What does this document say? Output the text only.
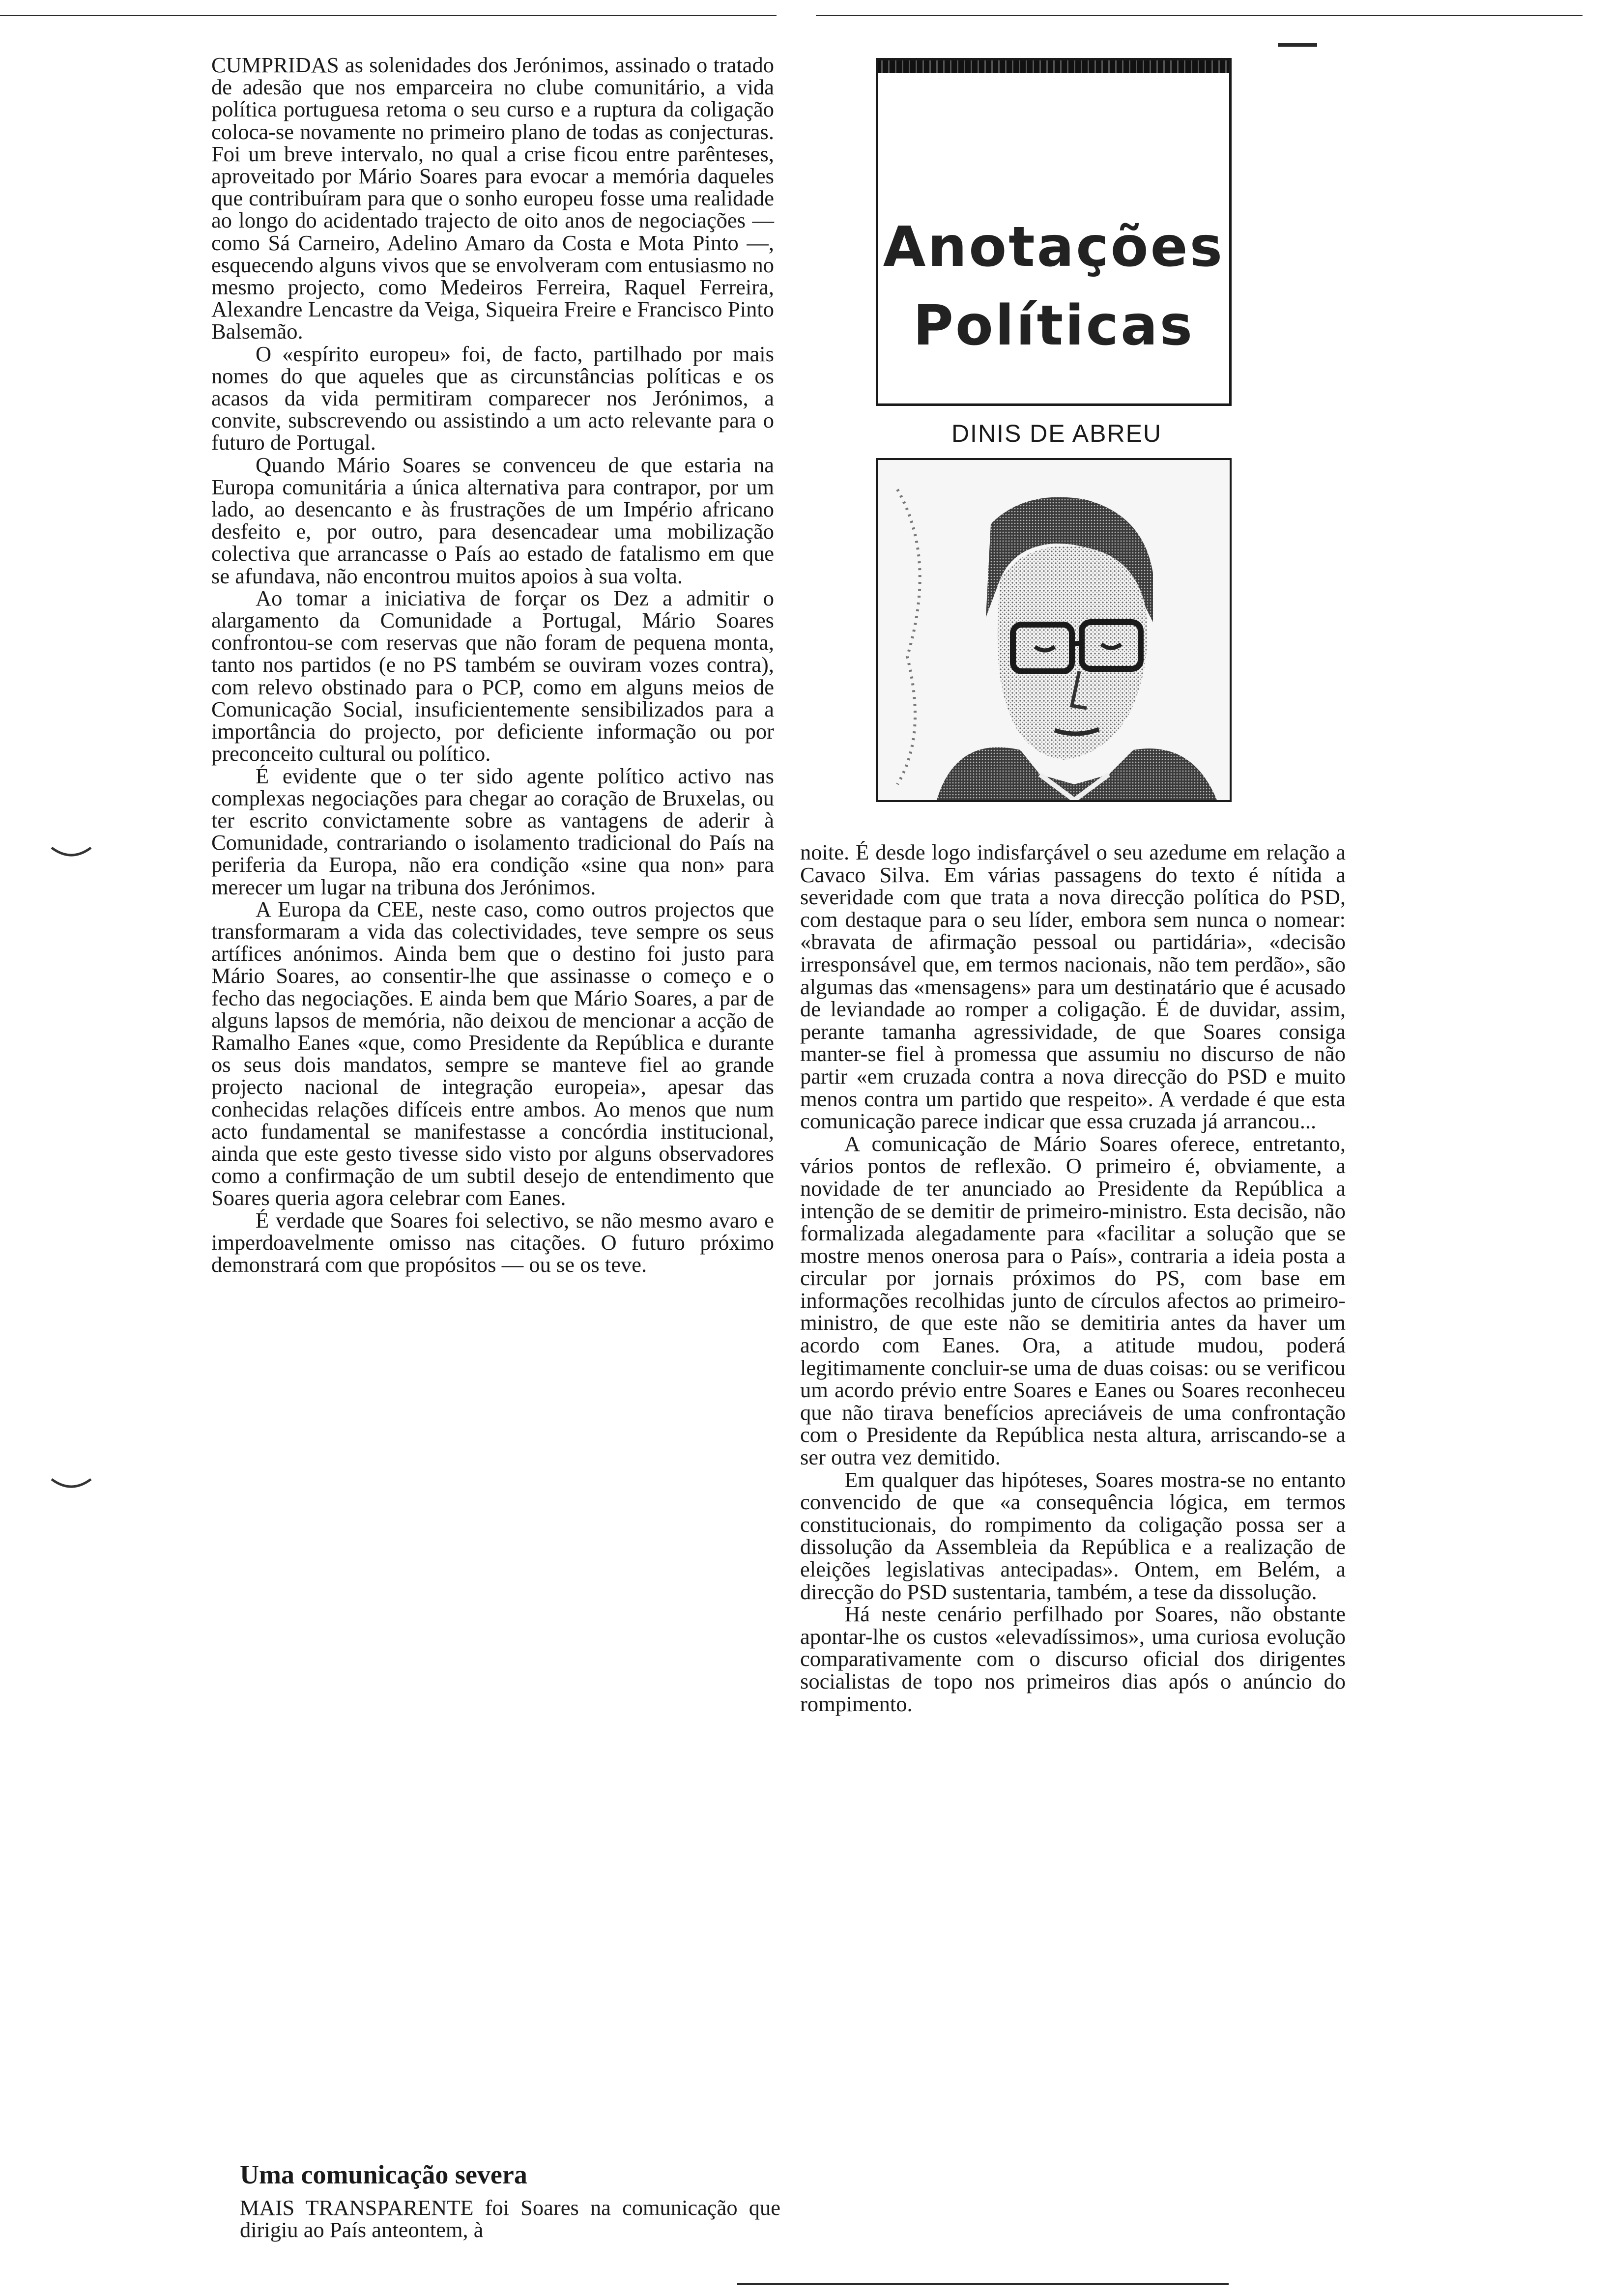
CUMPRIDAS as solenidades dos Jerónimos, assinado o tratado de adesão que nos emparceira no clube comunitário, a vida política portuguesa retoma o seu curso e a ruptura da coligação coloca-se novamente no primeiro plano de todas as conjecturas. Foi um breve intervalo, no qual a crise ficou entre parênteses, aproveitado por Mário Soares para evocar a memória daqueles que contribuíram para que o sonho europeu fosse uma realidade ao longo do acidentado trajecto de oito anos de negociações — como Sá Carneiro, Adelino Amaro da Costa e Mota Pinto —, esquecendo alguns vivos que se envolveram com entusiasmo no mesmo projecto, como Medeiros Ferreira, Raquel Ferreira, Alexandre Lencastre da Veiga, Siqueira Freire e Francisco Pinto Balsemão.

O «espírito europeu» foi, de facto, partilhado por mais nomes do que aqueles que as circunstâncias políticas e os acasos da vida permitiram comparecer nos Jerónimos, a convite, subscrevendo ou assistindo a um acto relevante para o futuro de Portugal.

Quando Mário Soares se convenceu de que estaria na Europa comunitária a única alternativa para contrapor, por um lado, ao desencanto e às frustrações de um Império africano desfeito e, por outro, para desencadear uma mobilização colectiva que arrancasse o País ao estado de fatalismo em que se afundava, não encontrou muitos apoios à sua volta.

Ao tomar a iniciativa de forçar os Dez a admitir o alargamento da Comunidade a Portugal, Mário Soares confrontou-se com reservas que não foram de pequena monta, tanto nos partidos (e no PS também se ouviram vozes contra), com relevo obstinado para o PCP, como em alguns meios de Comunicação Social, insuficientemente sensibilizados para a importância do projecto, por deficiente informação ou por preconceito cultural ou político.

É evidente que o ter sido agente político activo nas complexas negociações para chegar ao coração de Bruxelas, ou ter escrito convictamente sobre as vantagens de aderir à Comunidade, contrariando o isolamento tradicional do País na periferia da Europa, não era condição «sine qua non» para merecer um lugar na tribuna dos Jerónimos.

A Europa da CEE, neste caso, como outros projectos que transformaram a vida das colectividades, teve sempre os seus artífices anónimos. Ainda bem que o destino foi justo para Mário Soares, ao consentir-lhe que assinasse o começo e o fecho das negociações. E ainda bem que Mário Soares, a par de alguns lapsos de memória, não deixou de mencionar a acção de Ramalho Eanes «que, como Presidente da República e durante os seus dois mandatos, sempre se manteve fiel ao grande projecto nacional de integração europeia», apesar das conhecidas relações difíceis entre ambos. Ao menos que num acto fundamental se manifestasse a concórdia institucional, ainda que este gesto tivesse sido visto por alguns observadores como a confirmação de um subtil desejo de entendimento que Soares queria agora celebrar com Eanes.

É verdade que Soares foi selectivo, se não mesmo avaro e imperdoavelmente omisso nas citações. O futuro próximo demonstrará com que propósitos — ou se os teve.

Uma comunicação severa
MAIS TRANSPARENTE foi Soares na comunicação que dirigiu ao País anteontem, à
Anotações Políticas
DINIS DE ABREU

noite. É desde logo indisfarçável o seu azedume em relação a Cavaco Silva. Em várias passagens do texto é nítida a severidade com que trata a nova direcção política do PSD, com destaque para o seu líder, embora sem nunca o nomear: «bravata de afirmação pessoal ou partidária», «decisão irresponsável que, em termos nacionais, não tem perdão», são algumas das «mensagens» para um destinatário que é acusado de leviandade ao romper a coligação. É de duvidar, assim, perante tamanha agressividade, de que Soares consiga manter-se fiel à promessa que assumiu no discurso de não partir «em cruzada contra a nova direcção do PSD e muito menos contra um partido que respeito». A verdade é que esta comunicação parece indicar que essa cruzada já arrancou...

A comunicação de Mário Soares oferece, entretanto, vários pontos de reflexão. O primeiro é, obviamente, a novidade de ter anunciado ao Presidente da República a intenção de se demitir de primeiro-ministro. Esta decisão, não formalizada alegadamente para «facilitar a solução que se mostre menos onerosa para o País», contraria a ideia posta a circular por jornais próximos do PS, com base em informações recolhidas junto de círculos afectos ao primeiro-ministro, de que este não se demitiria antes da haver um acordo com Eanes. Ora, a atitude mudou, poderá legitimamente concluir-se uma de duas coisas: ou se verificou um acordo prévio entre Soares e Eanes ou Soares reconheceu que não tirava benefícios apreciáveis de uma confrontação com o Presidente da República nesta altura, arriscando-se a ser outra vez demitido.

Em qualquer das hipóteses, Soares mostra-se no entanto convencido de que «a consequência lógica, em termos constitucionais, do rompimento da coligação possa ser a dissolução da Assembleia da República e a realização de eleições legislativas antecipadas». Ontem, em Belém, a direcção do PSD sustentaria, também, a tese da dissolução.

Há neste cenário perfilhado por Soares, não obstante apontar-lhe os custos «elevadíssimos», uma curiosa evolução comparativamente com o discurso oficial dos dirigentes socialistas de topo nos primeiros dias após o anúncio do rompimento.
